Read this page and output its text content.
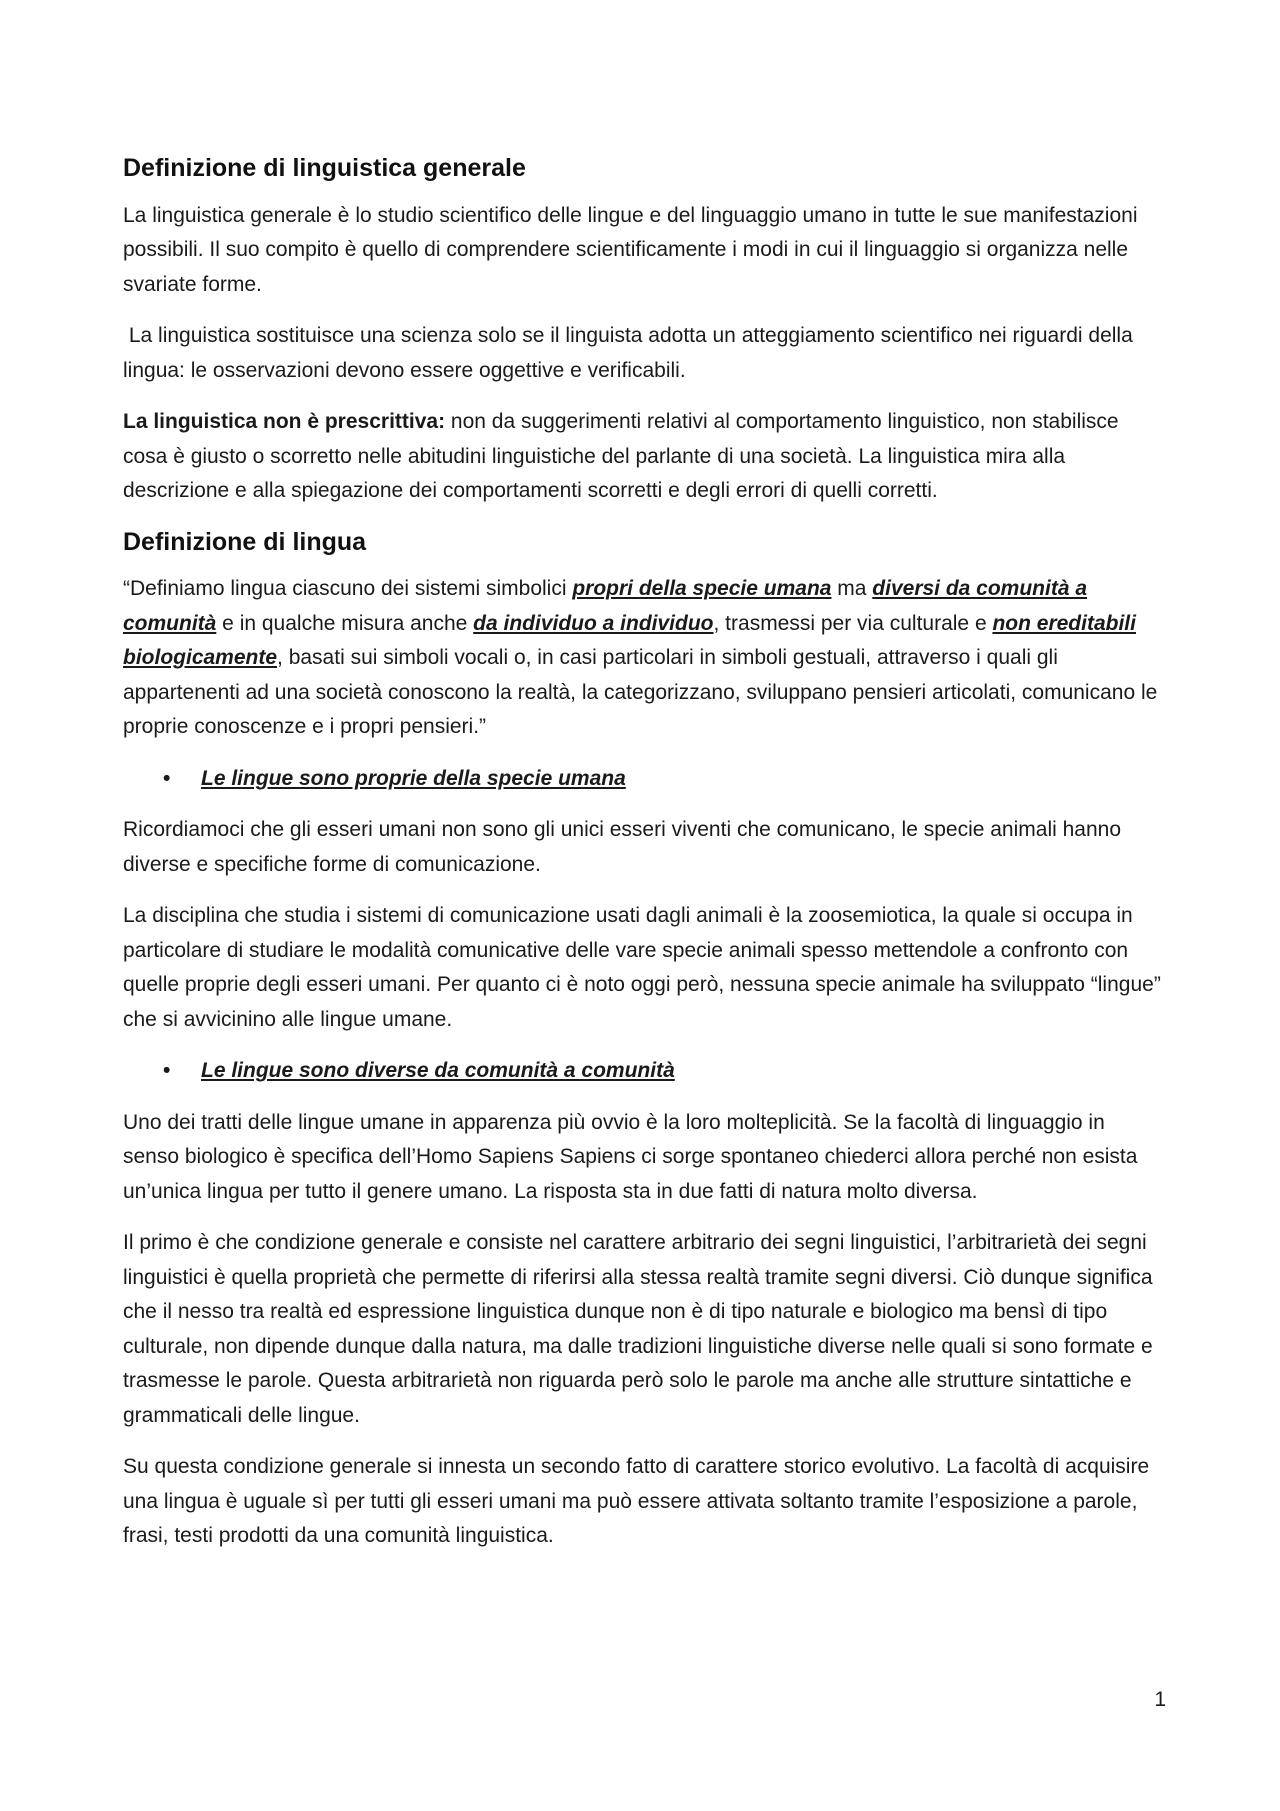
Definizione di linguistica generale

La linguistica generale è lo studio scientifico delle lingue e del linguaggio umano in tutte le sue manifestazioni possibili. Il suo compito è quello di comprendere scientificamente i modi in cui il linguaggio si organizza nelle svariate forme.

La linguistica sostituisce una scienza solo se il linguista adotta un atteggiamento scientifico nei riguardi della lingua: le osservazioni devono essere oggettive e verificabili.

La linguistica non è prescrittiva: non da suggerimenti relativi al comportamento linguistico, non stabilisce cosa è giusto o scorretto nelle abitudini linguistiche del parlante di una società. La linguistica mira alla descrizione e alla spiegazione dei comportamenti scorretti e degli errori di quelli corretti.

Definizione di lingua

“Definiamo lingua ciascuno dei sistemi simbolici propri della specie umana ma diversi da comunità a comunità e in qualche misura anche da individuo a individuo, trasmessi per via culturale e non ereditabili biologicamente, basati sui simboli vocali o, in casi particolari in simboli gestuali, attraverso i quali gli appartenenti ad una società conoscono la realtà, la categorizzano, sviluppano pensieri articolati, comunicano le proprie conoscenze e i propri pensieri.”

•	Le lingue sono proprie della specie umana

Ricordiamoci che gli esseri umani non sono gli unici esseri viventi che comunicano, le specie animali hanno diverse e specifiche forme di comunicazione.

La disciplina che studia i sistemi di comunicazione usati dagli animali è la zoosemiotica, la quale si occupa in particolare di studiare le modalità comunicative delle vare specie animali spesso mettendole a confronto con quelle proprie degli esseri umani. Per quanto ci è noto oggi però, nessuna specie animale ha sviluppato “lingue” che si avvicinino alle lingue umane.

•	Le lingue sono diverse da comunità a comunità

Uno dei tratti delle lingue umane in apparenza più ovvio è la loro molteplicità. Se la facoltà di linguaggio in senso biologico è specifica dell’Homo Sapiens Sapiens ci sorge spontaneo chiederci allora perché non esista un’unica lingua per tutto il genere umano. La risposta sta in due fatti di natura molto diversa.

Il primo è che condizione generale e consiste nel carattere arbitrario dei segni linguistici, l’arbitrarietà dei segni linguistici è quella proprietà che permette di riferirsi alla stessa realtà tramite segni diversi. Ciò dunque significa che il nesso tra realtà ed espressione linguistica dunque non è di tipo naturale e biologico ma bensì di tipo culturale, non dipende dunque dalla natura, ma dalle tradizioni linguistiche diverse nelle quali si sono formate e trasmesse le parole. Questa arbitrarietà non riguarda però solo le parole ma anche alle strutture sintattiche e grammaticali delle lingue.

Su questa condizione generale si innesta un secondo fatto di carattere storico evolutivo. La facoltà di acquisire una lingua è uguale sì per tutti gli esseri umani ma può essere attivata soltanto tramite l’esposizione a parole, frasi, testi prodotti da una comunità linguistica.

1
